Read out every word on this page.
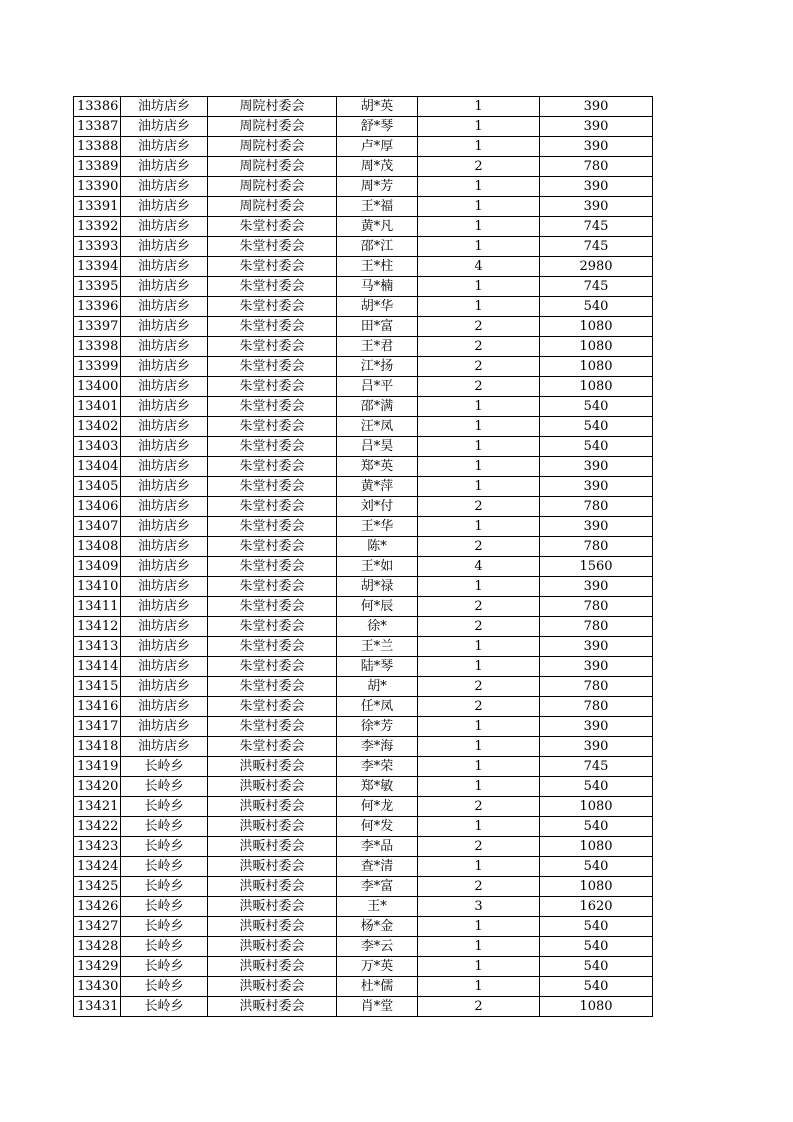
13386	油坊店乡	周院村委会	胡*英	1	390
13387	油坊店乡	周院村委会	舒*琴	1	390
13388	油坊店乡	周院村委会	卢*厚	1	390
13389	油坊店乡	周院村委会	周*茂	2	780
13390	油坊店乡	周院村委会	周*芳	1	390
13391	油坊店乡	周院村委会	王*福	1	390
13392	油坊店乡	朱堂村委会	黄*凡	1	745
13393	油坊店乡	朱堂村委会	邵*江	1	745
13394	油坊店乡	朱堂村委会	王*柱	4	2980
13395	油坊店乡	朱堂村委会	马*楠	1	745
13396	油坊店乡	朱堂村委会	胡*华	1	540
13397	油坊店乡	朱堂村委会	田*富	2	1080
13398	油坊店乡	朱堂村委会	王*君	2	1080
13399	油坊店乡	朱堂村委会	江*扬	2	1080
13400	油坊店乡	朱堂村委会	吕*平	2	1080
13401	油坊店乡	朱堂村委会	邵*满	1	540
13402	油坊店乡	朱堂村委会	汪*凤	1	540
13403	油坊店乡	朱堂村委会	吕*昊	1	540
13404	油坊店乡	朱堂村委会	郑*英	1	390
13405	油坊店乡	朱堂村委会	黄*萍	1	390
13406	油坊店乡	朱堂村委会	刘*付	2	780
13407	油坊店乡	朱堂村委会	王*华	1	390
13408	油坊店乡	朱堂村委会	陈*	2	780
13409	油坊店乡	朱堂村委会	王*如	4	1560
13410	油坊店乡	朱堂村委会	胡*禄	1	390
13411	油坊店乡	朱堂村委会	何*辰	2	780
13412	油坊店乡	朱堂村委会	徐*	2	780
13413	油坊店乡	朱堂村委会	王*兰	1	390
13414	油坊店乡	朱堂村委会	陆*琴	1	390
13415	油坊店乡	朱堂村委会	胡*	2	780
13416	油坊店乡	朱堂村委会	任*凤	2	780
13417	油坊店乡	朱堂村委会	徐*芳	1	390
13418	油坊店乡	朱堂村委会	李*海	1	390
13419	长岭乡	洪畈村委会	李*荣	1	745
13420	长岭乡	洪畈村委会	郑*敏	1	540
13421	长岭乡	洪畈村委会	何*龙	2	1080
13422	长岭乡	洪畈村委会	何*发	1	540
13423	长岭乡	洪畈村委会	李*品	2	1080
13424	长岭乡	洪畈村委会	查*清	1	540
13425	长岭乡	洪畈村委会	李*富	2	1080
13426	长岭乡	洪畈村委会	王*	3	1620
13427	长岭乡	洪畈村委会	杨*金	1	540
13428	长岭乡	洪畈村委会	李*云	1	540
13429	长岭乡	洪畈村委会	万*英	1	540
13430	长岭乡	洪畈村委会	杜*儒	1	540
13431	长岭乡	洪畈村委会	肖*堂	2	1080
